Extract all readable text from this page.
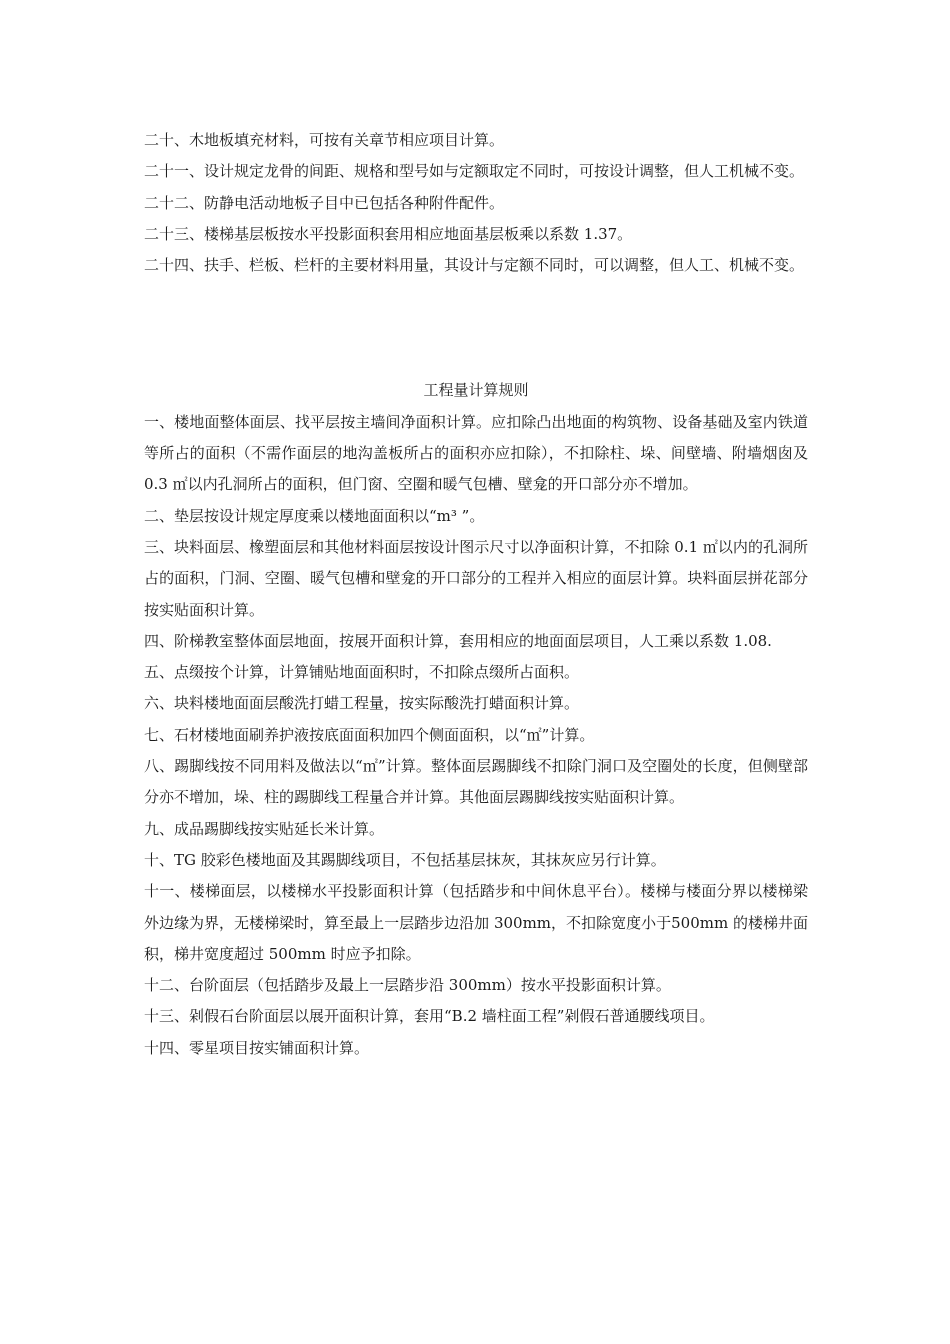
二十、木地板填充材料，可按有关章节相应项目计算。

二十一、设计规定龙骨的间距、规格和型号如与定额取定不同时，可按设计调整，但人工机械不变。

二十二、防静电活动地板子目中已包括各种附件配件。

二十三、楼梯基层板按水平投影面积套用相应地面基层板乘以系数 1.37。

二十四、扶手、栏板、栏杆的主要材料用量，其设计与定额不同时，可以调整，但人工、机械不变。

工程量计算规则

一、楼地面整体面层、找平层按主墙间净面积计算。应扣除凸出地面的构筑物、设备基础及室内铁道等所占的面积（不需作面层的地沟盖板所占的面积亦应扣除），不扣除柱、垛、间壁墙、附墙烟囱及 0.3 ㎡以内孔洞所占的面积，但门窗、空圈和暖气包槽、壁龛的开口部分亦不增加。

二、垫层按设计规定厚度乘以楼地面面积以“m³ ”。

三、块料面层、橡塑面层和其他材料面层按设计图示尺寸以净面积计算，不扣除 0.1 ㎡以内的孔洞所占的面积，门洞、空圈、暖气包槽和壁龛的开口部分的工程并入相应的面层计算。块料面层拼花部分按实贴面积计算。

四、阶梯教室整体面层地面，按展开面积计算，套用相应的地面面层项目，人工乘以系数 1.08.

五、点缀按个计算，计算铺贴地面面积时，不扣除点缀所占面积。

六、块料楼地面面层酸洗打蜡工程量，按实际酸洗打蜡面积计算。

七、石材楼地面刷养护液按底面面积加四个侧面面积，以“㎡”计算。

八、踢脚线按不同用料及做法以“㎡”计算。整体面层踢脚线不扣除门洞口及空圈处的长度，但侧壁部分亦不增加，垛、柱的踢脚线工程量合并计算。其他面层踢脚线按实贴面积计算。

九、成品踢脚线按实贴延长米计算。

十、TG 胶彩色楼地面及其踢脚线项目，不包括基层抹灰，其抹灰应另行计算。

十一、楼梯面层，以楼梯水平投影面积计算（包括踏步和中间休息平台）。楼梯与楼面分界以楼梯梁外边缘为界，无楼梯梁时，算至最上一层踏步边沿加 300mm，不扣除宽度小于500mm 的楼梯井面积，梯井宽度超过 500mm 时应予扣除。

十二、台阶面层（包括踏步及最上一层踏步沿 300mm）按水平投影面积计算。

十三、剁假石台阶面层以展开面积计算，套用“B.2 墙柱面工程”剁假石普通腰线项目。

十四、零星项目按实铺面积计算。
